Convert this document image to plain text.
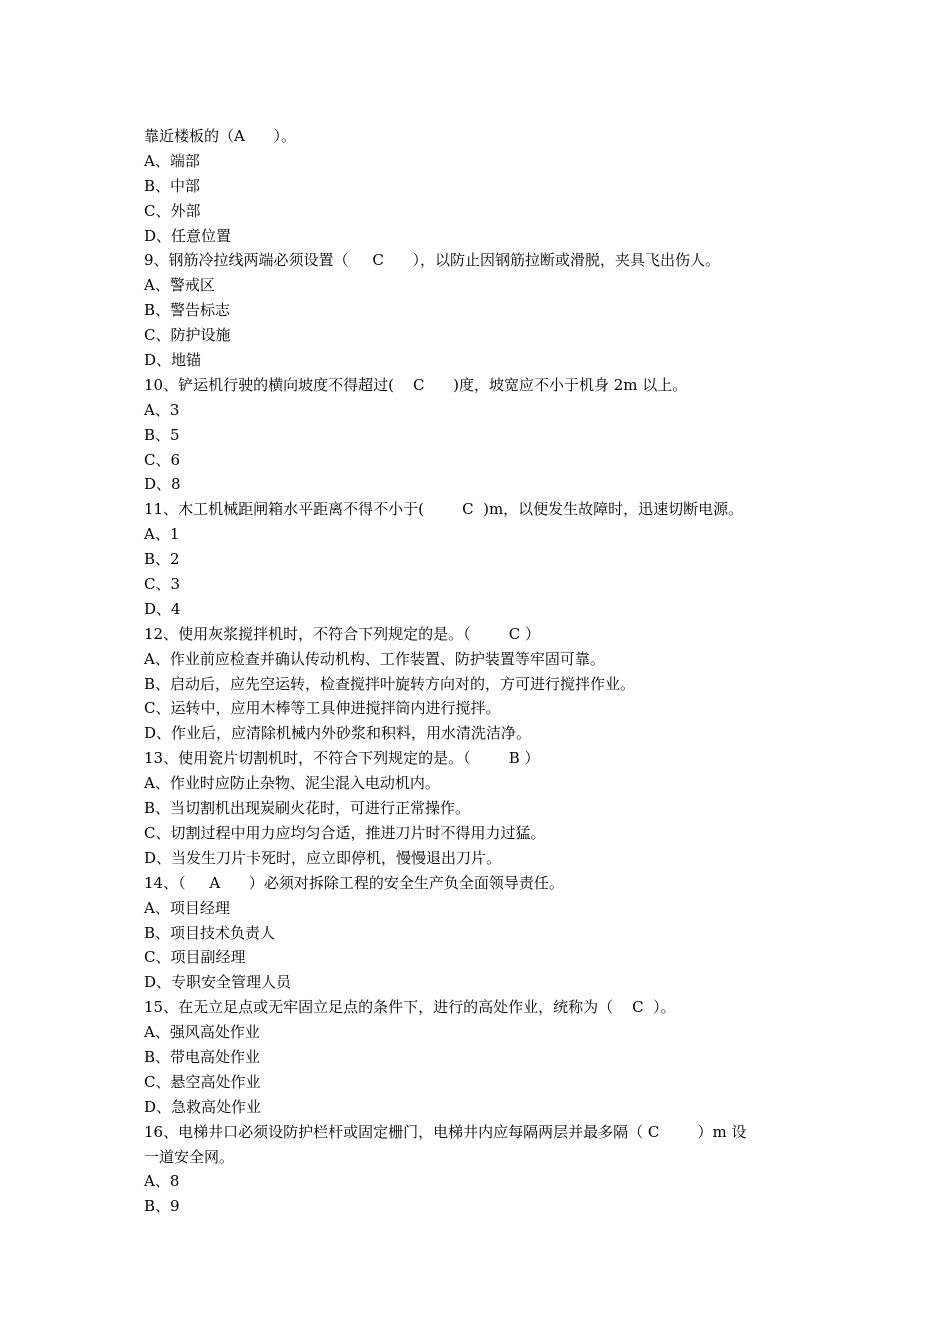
靠近楼板的（A      ）。
A、端部
B、中部
C、外部
D、任意位置
9、钢筋冷拉线两端必须设置（     C      ），以防止因钢筋拉断或滑脱，夹具飞出伤人。
A、警戒区
B、警告标志
C、防护设施
D、地锚
10、铲运机行驶的横向坡度不得超过(    C      )度，坡宽应不小于机身 2m 以上。
A、3
B、5
C、6
D、8
11、木工机械距闸箱水平距离不得不小于(        C  )m，以便发生故障时，迅速切断电源。
A、1
B、2
C、3
D、4
12、使用灰浆搅拌机时，不符合下列规定的是。（        C ）
A、作业前应检查并确认传动机构、工作装置、防护装置等牢固可靠。
B、启动后，应先空运转，检查搅拌叶旋转方向对的，方可进行搅拌作业。
C、运转中，应用木棒等工具伸进搅拌筒内进行搅拌。
D、作业后，应清除机械内外砂浆和积料，用水清洗洁净。
13、使用瓷片切割机时，不符合下列规定的是。（        B ）
A、作业时应防止杂物、泥尘混入电动机内。
B、当切割机出现炭刷火花时，可进行正常操作。
C、切割过程中用力应均匀合适，推进刀片时不得用力过猛。
D、当发生刀片卡死时，应立即停机，慢慢退出刀片。
14、（     A      ）必须对拆除工程的安全生产负全面领导责任。
A、项目经理
B、项目技术负责人
C、项目副经理
D、专职安全管理人员
15、在无立足点或无牢固立足点的条件下，进行的高处作业，统称为（    C  ）。
A、强风高处作业
B、带电高处作业
C、悬空高处作业
D、急救高处作业
16、电梯井口必须设防护栏杆或固定栅门，电梯井内应每隔两层并最多隔（ C        ）m 设
一道安全网。
A、8
B、9
